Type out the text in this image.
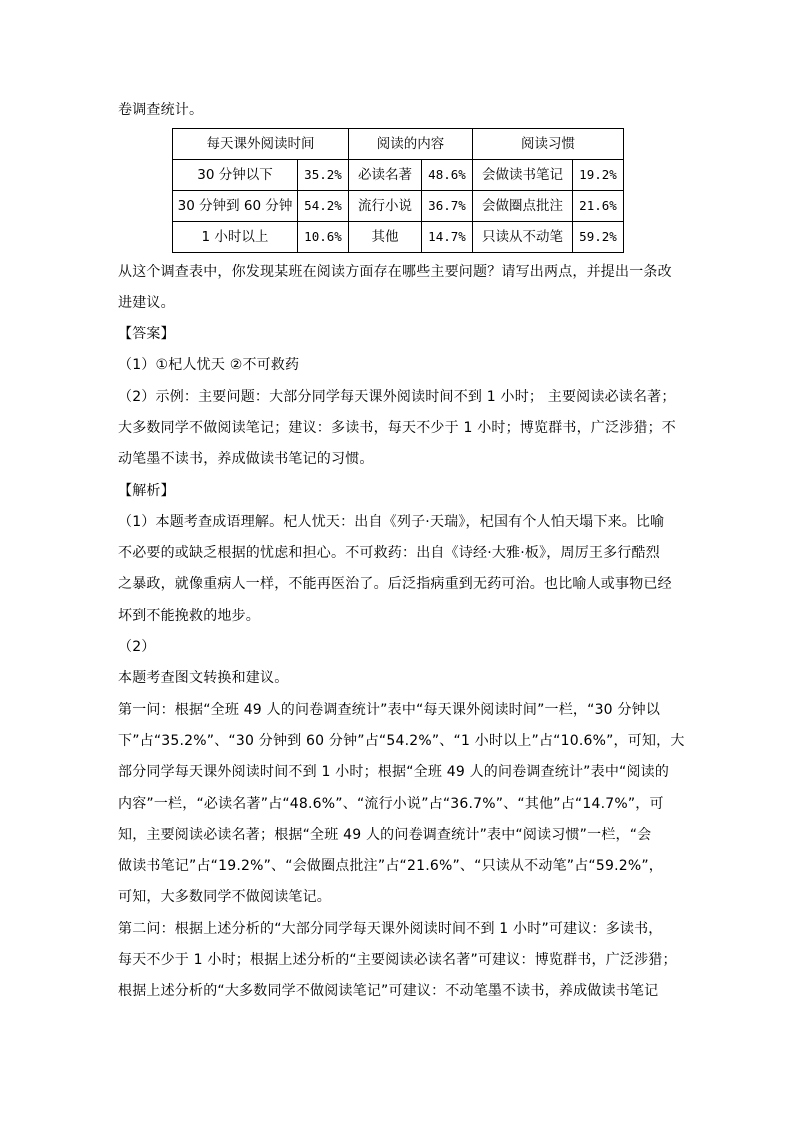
卷调查统计。
每天课外阅读时间		阅读的内容		阅读习惯	
30 分钟以下	35.2%	必读名著	48.6%	会做读书笔记	19.2%
30 分钟到 60 分钟	54.2%	流行小说	36.7%	会做圈点批注	21.6%
1 小时以上	10.6%	其他	14.7%	只读从不动笔	59.2%
从这个调查表中，你发现某班在阅读方面存在哪些主要问题？请写出两点，并提出一条改
进建议。
【答案】
（1）①杞人忧天 ②不可救药
（2）示例：主要问题：大部分同学每天课外阅读时间不到 1 小时； 主要阅读必读名著；
大多数同学不做阅读笔记；建议：多读书，每天不少于 1 小时；博览群书，广泛涉猎；不
动笔墨不读书，养成做读书笔记的习惯。
【解析】
（1）本题考查成语理解。杞人忧天：出自《列子·天瑞》，杞国有个人怕天塌下来。比喻
不必要的或缺乏根据的忧虑和担心。不可救药：出自《诗经·大雅·板》，周厉王多行酷烈
之暴政，就像重病人一样，不能再医治了。后泛指病重到无药可治。也比喻人或事物已经
坏到不能挽救的地步。
（2）
本题考查图文转换和建议。
第一问：根据“全班 49 人的问卷调查统计”表中“每天课外阅读时间”一栏，“30 分钟以
下”占“35.2%”、“30 分钟到 60 分钟”占“54.2%”、“1 小时以上”占“10.6%”，可知，大
部分同学每天课外阅读时间不到 1 小时；根据“全班 49 人的问卷调查统计”表中“阅读的
内容”一栏，“必读名著”占“48.6%”、“流行小说”占“36.7%”、“其他”占“14.7%”，可
知，主要阅读必读名著；根据“全班 49 人的问卷调查统计”表中“阅读习惯”一栏，“会
做读书笔记”占“19.2%”、“会做圈点批注”占“21.6%”、“只读从不动笔”占“59.2%”，
可知，大多数同学不做阅读笔记。
第二问：根据上述分析的“大部分同学每天课外阅读时间不到 1 小时”可建议：多读书，
每天不少于 1 小时；根据上述分析的“主要阅读必读名著”可建议：博览群书，广泛涉猎；
根据上述分析的“大多数同学不做阅读笔记”可建议：不动笔墨不读书，养成做读书笔记
